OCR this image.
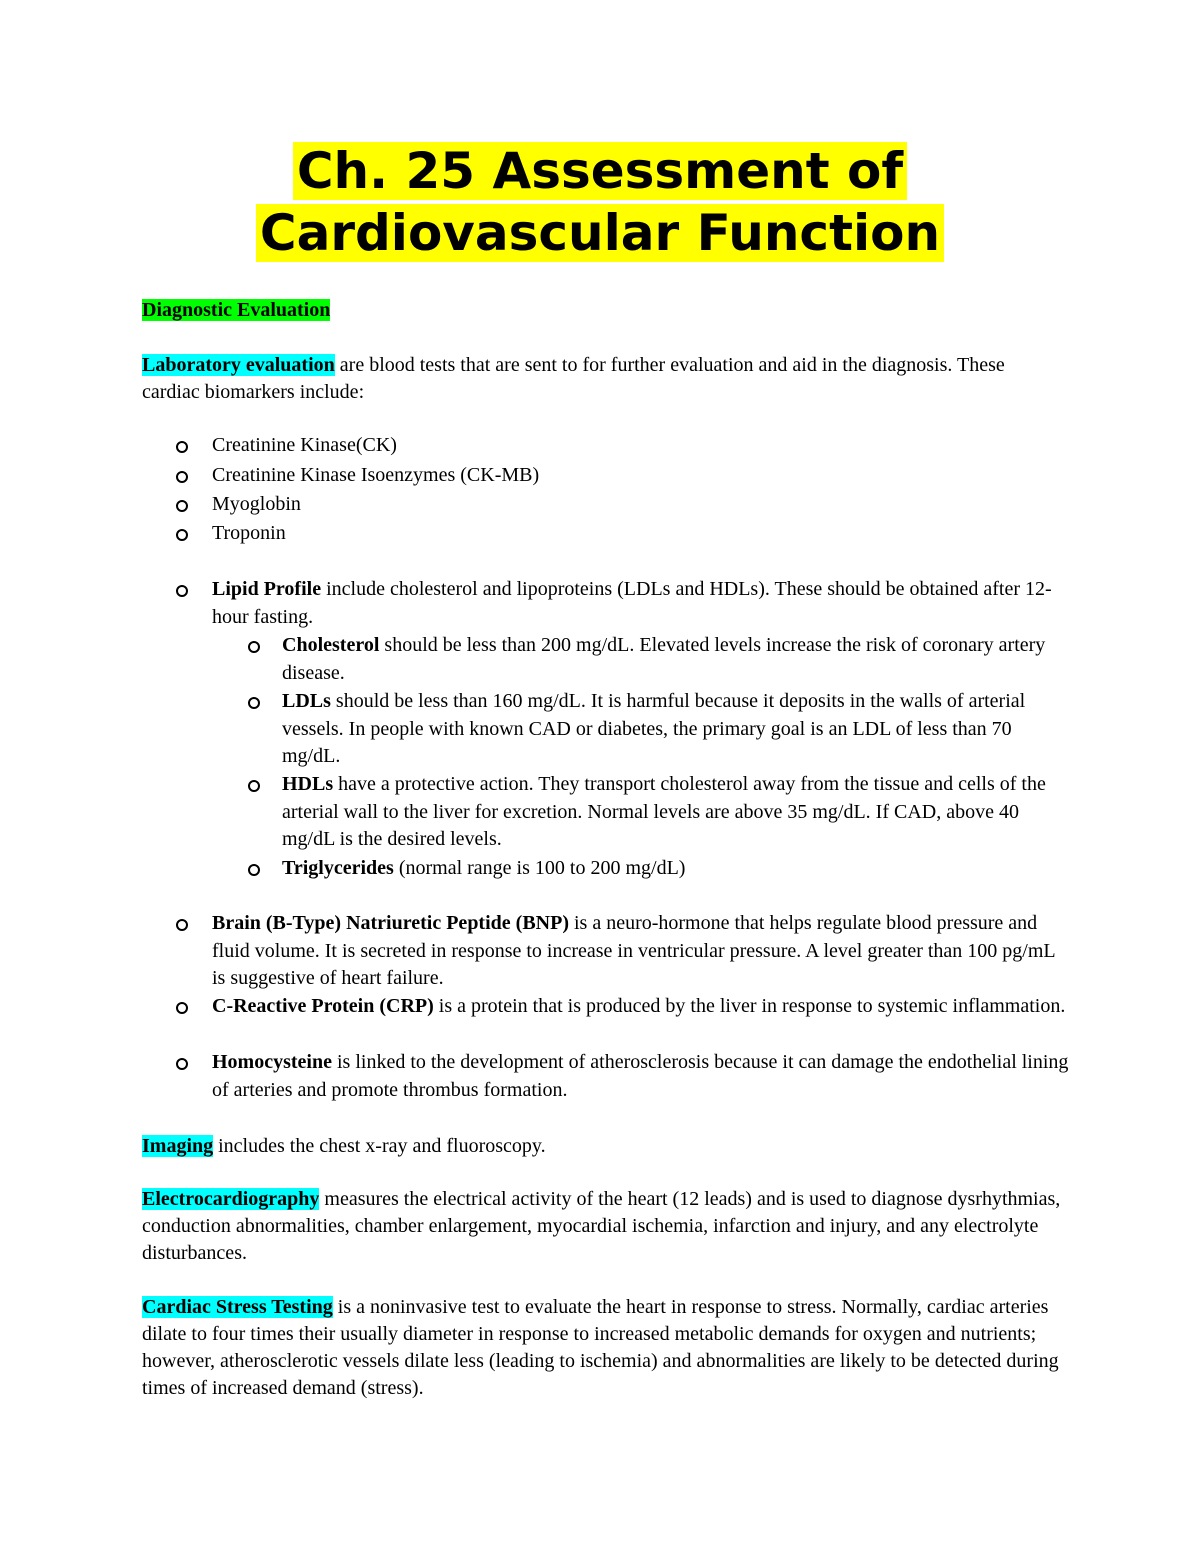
Ch. 25 Assessment of
Cardiovascular Function

Diagnostic Evaluation

Laboratory evaluation are blood tests that are sent to for further evaluation and aid in the diagnosis. These cardiac biomarkers include:

Creatinine Kinase(CK)

Creatinine Kinase Isoenzymes (CK-MB)

Myoglobin

Troponin

Lipid Profile include cholesterol and lipoproteins (LDLs and HDLs). These should be obtained after 12-hour fasting.

Cholesterol should be less than 200 mg/dL. Elevated levels increase the risk of coronary artery disease.

LDLs should be less than 160 mg/dL. It is harmful because it deposits in the walls of arterial vessels. In people with known CAD or diabetes, the primary goal is an LDL of less than 70 mg/dL.

HDLs have a protective action. They transport cholesterol away from the tissue and cells of the arterial wall to the liver for excretion. Normal levels are above 35 mg/dL. If CAD, above 40 mg/dL is the desired levels.

Triglycerides (normal range is 100 to 200 mg/dL)

Brain (B-Type) Natriuretic Peptide (BNP) is a neuro-hormone that helps regulate blood pressure and fluid volume. It is secreted in response to increase in ventricular pressure. A level greater than 100 pg/mL is suggestive of heart failure.

C-Reactive Protein (CRP) is a protein that is produced by the liver in response to systemic inflammation.

Homocysteine is linked to the development of atherosclerosis because it can damage the endothelial lining of arteries and promote thrombus formation.

Imaging includes the chest x-ray and fluoroscopy.

Electrocardiography measures the electrical activity of the heart (12 leads) and is used to diagnose dysrhythmias, conduction abnormalities, chamber enlargement, myocardial ischemia, infarction and injury, and any electrolyte disturbances.

Cardiac Stress Testing is a noninvasive test to evaluate the heart in response to stress. Normally, cardiac arteries dilate to four times their usually diameter in response to increased metabolic demands for oxygen and nutrients; however, atherosclerotic vessels dilate less (leading to ischemia) and abnormalities are likely to be detected during times of increased demand (stress).
